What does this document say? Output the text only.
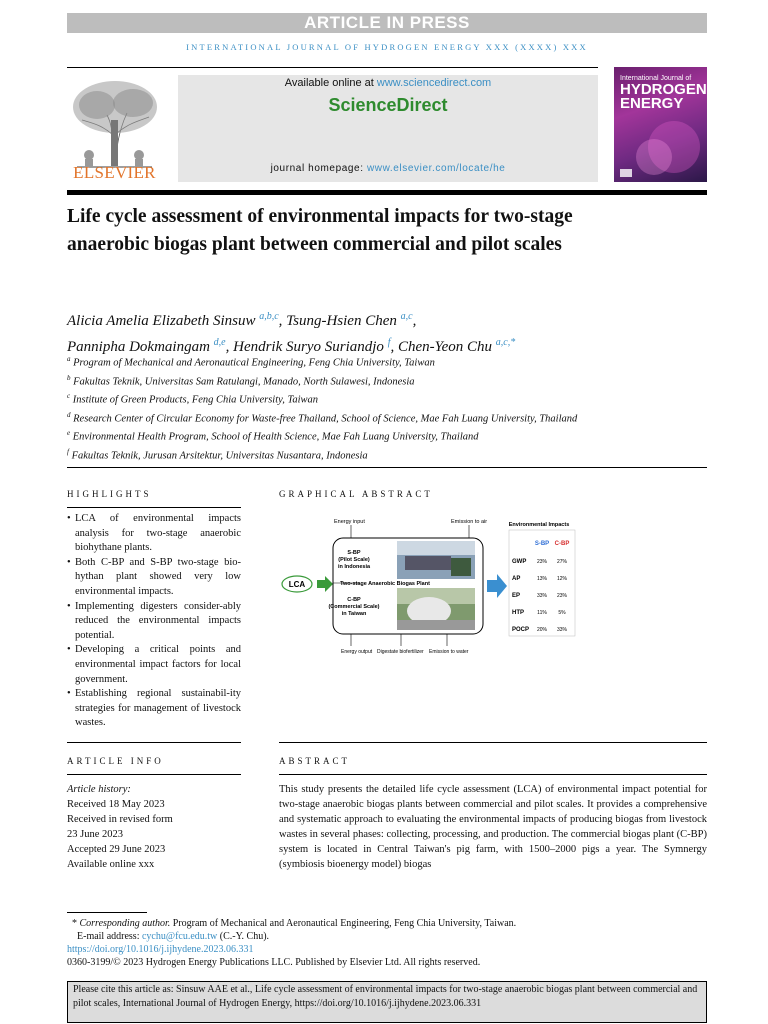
ARTICLE IN PRESS
INTERNATIONAL JOURNAL OF HYDROGEN ENERGY XXX (XXXX) XXX
ELSEVIER
Available online at www.sciencedirect.com
ScienceDirect
journal homepage: www.elsevier.com/locate/he
International Journal of
HYDROGEN
ENERGY
Life cycle assessment of environmental impacts for two-stage anaerobic biogas plant between commercial and pilot scales
Alicia Amelia Elizabeth Sinsuw $^{a,b,c}$, Tsung-Hsien Chen $^{a,c}$,
Pannipha Dokmaingam $^{d,e}$, Hendrik Suryo Suriandjo $^f$, Chen-Yeon Chu $^{a,c,*}$
$^a$ Program of Mechanical and Aeronautical Engineering, Feng Chia University, Taiwan
$^b$ Fakultas Teknik, Universitas Sam Ratulangi, Manado, North Sulawesi, Indonesia
$^c$ Institute of Green Products, Feng Chia University, Taiwan
$^d$ Research Center of Circular Economy for Waste-free Thailand, School of Science, Mae Fah Luang University, Thailand
$^e$ Environmental Health Program, School of Health Science, Mae Fah Luang University, Thailand
$^f$ Fakultas Teknik, Jurusan Arsitektur, Universitas Nusantara, Indonesia
HIGHLIGHTS	GRAPHICAL ABSTRACT
• LCA of environmental impacts analysis for two-stage anaerobic biohythane plants.
• Both C-BP and S-BP two-stage bio-hythan plant showed very low environmental impacts.
• Implementing digesters consider-ably reduced the environmental impacts potential.
• Developing a critical points and environmental impact factors for local government.
• Establishing regional sustainabil-ity strategies for management of livestock wastes.
Energy input	Emission to air
LCA
S-BP
(Pilot Scale)
in Indonesia
Two-stage Anaerobic Biogas Plant
C-BP
(Commercial Scale)
in Taiwan
Energy output Digestate biofertilizer Emission to water
Environmental Impacts
S-BP C-BP
GWP 23% 27%
AP	13% 12%
EP	33% 23%
HTP	11% 5%
POCP 20% 33%
ARTICLE INFO	ABSTRACT
Article history:
Received 18 May 2023
Received in revised form
23 June 2023
Accepted 29 June 2023
Available online xxx
This study presents the detailed life cycle assessment (LCA) of environmental impact potential for two-stage anaerobic biogas plants between commercial and pilot scales. It provides a comprehensive and systematic approach to evaluating the environmental impacts of producing biogas from livestock wastes in several phases: collecting, processing, and production. The commercial biogas plant (C-BP) system is located in Central Taiwan's pig farm, with 1500–2000 pigs a year. The Symnergy (symbiosis bioenergy model) biogas
* Corresponding author. Program of Mechanical and Aeronautical Engineering, Feng Chia University, Taiwan.
E-mail address: cychu@fcu.edu.tw (C.-Y. Chu).
https://doi.org/10.1016/j.ijhydene.2023.06.331
0360-3199/© 2023 Hydrogen Energy Publications LLC. Published by Elsevier Ltd. All rights reserved.
Please cite this article as: Sinsuw AAE et al., Life cycle assessment of environmental impacts for two-stage anaerobic biogas plant between commercial and pilot scales, International Journal of Hydrogen Energy, https://doi.org/10.1016/j.ijhydene.2023.06.331
